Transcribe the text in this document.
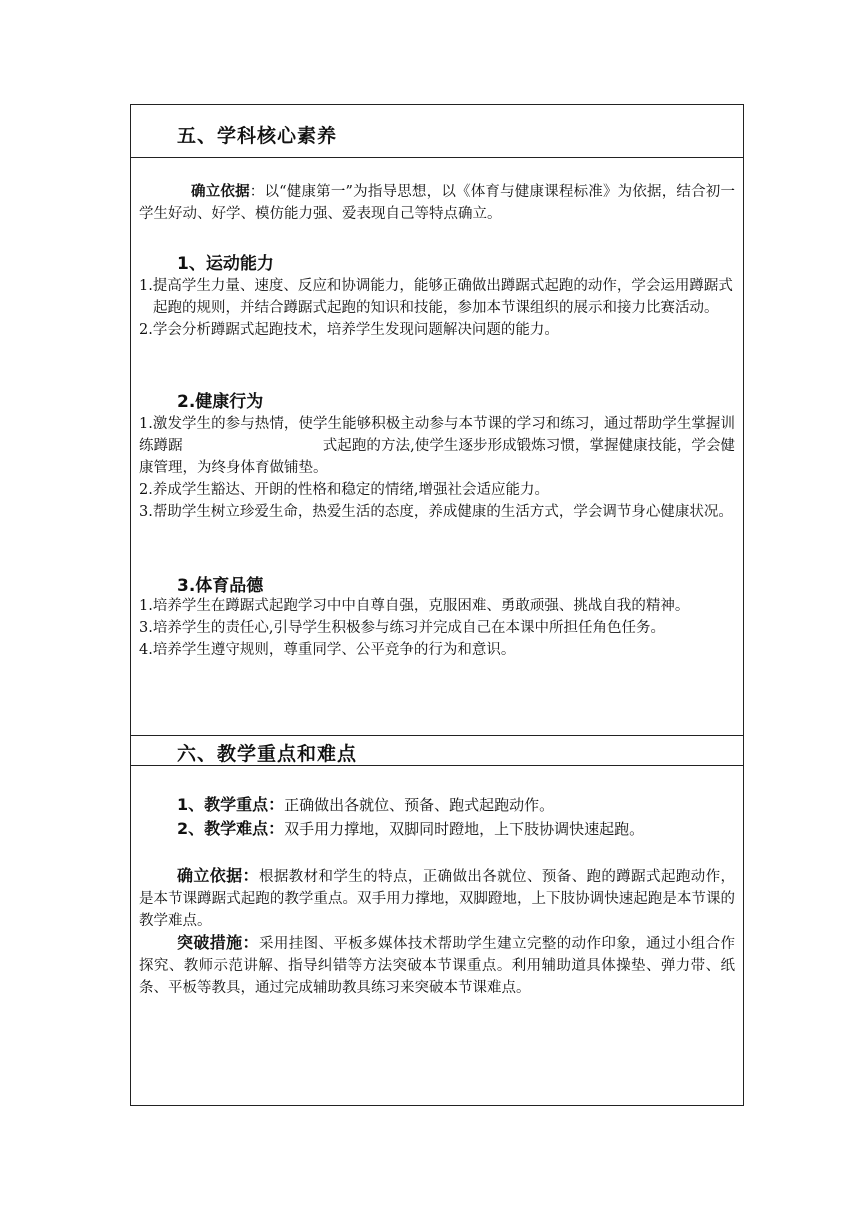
五、学科核心素养

确立依据：以“健康第一”为指导思想，以《体育与健康课程标准》为依据，结合初一学生好动、好学、模仿能力强、爱表现自己等特点确立。

1、运动能力

1.提高学生力量、速度、反应和协调能力，能够正确做出蹲踞式起跑的动作，学会运用蹲踞式起跑的规则，并结合蹲踞式起跑的知识和技能，参加本节课组织的展示和接力比赛活动。

2.学会分析蹲踞式起跑技术，培养学生发现问题解决问题的能力。

2.健康行为

1.激发学生的参与热情，使学生能够积极主动参与本节课的学习和练习，通过帮助学生掌握训练蹲踞	式起跑的方法,使学生逐步形成锻炼习惯，掌握健康技能，学会健康管理，为终身体育做铺垫。

2.养成学生豁达、开朗的性格和稳定的情绪,增强社会适应能力。

3.帮助学生树立珍爱生命，热爱生活的态度，养成健康的生活方式，学会调节身心健康状况。

3.体育品德

1.培养学生在蹲踞式起跑学习中中自尊自强，克服困难、勇敢顽强、挑战自我的精神。

3.培养学生的责任心,引导学生积极参与练习并完成自己在本课中所担任角色任务。

4.培养学生遵守规则，尊重同学、公平竞争的行为和意识。

六、教学重点和难点

1、教学重点：正确做出各就位、预备、跑式起跑动作。

2、教学难点：双手用力撑地，双脚同时蹬地，上下肢协调快速起跑。

确立依据：根据教材和学生的特点，正确做出各就位、预备、跑的蹲踞式起跑动作，是本节课蹲踞式起跑的教学重点。双手用力撑地，双脚蹬地，上下肢协调快速起跑是本节课的教学难点。

突破措施：采用挂图、平板多媒体技术帮助学生建立完整的动作印象，通过小组合作探究、教师示范讲解、指导纠错等方法突破本节课重点。利用辅助道具体操垫、弹力带、纸条、平板等教具，通过完成辅助教具练习来突破本节课难点。
